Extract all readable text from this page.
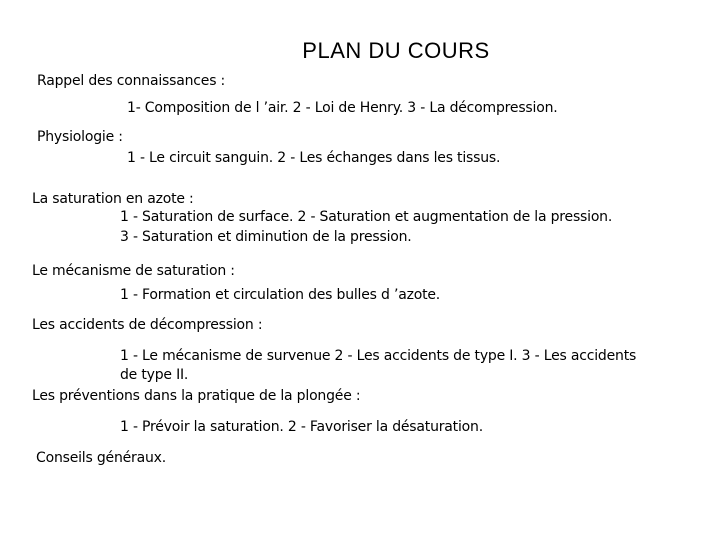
PLAN DU COURS
Rappel des connaissances :
1- Composition de l ’air. 2 - Loi de Henry. 3 - La décompression.
Physiologie :
1 - Le circuit sanguin. 2 - Les échanges dans les tissus.
La saturation en azote :
1 - Saturation de surface. 2 - Saturation et augmentation de la pression.
3 - Saturation et diminution de la pression.
Le mécanisme de saturation :
1 - Formation et circulation des bulles d ’azote.
Les accidents de décompression :
1 - Le mécanisme de survenue 2 - Les accidents de type I. 3 - Les accidents
de type II.
Les préventions dans la pratique de la plongée :
1 - Prévoir la saturation. 2 - Favoriser la désaturation.
Conseils généraux.
